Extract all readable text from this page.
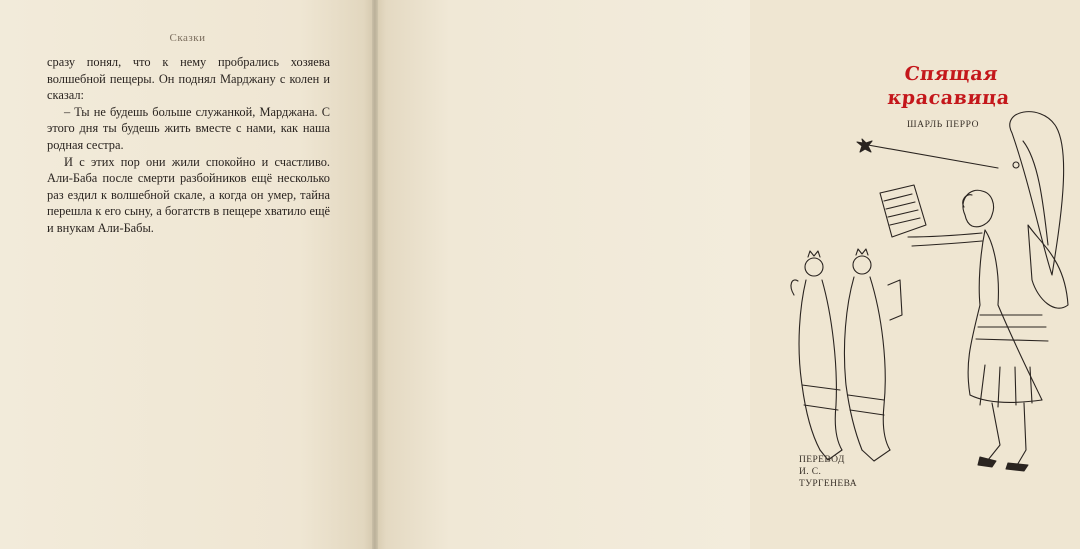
Сказки

сразу понял, что к нему пробрались хозяева волшебной пещеры. Он поднял Марджану с колен и сказал:

– Ты не будешь больше служанкой, Марджана. С этого дня ты будешь жить вместе с нами, как наша родная сестра.

И с этих пор они жили спокойно и счастливо. Али-Баба после смерти разбойников ещё несколько раз ездил к волшебной скале, а когда он умер, тайна перешла к его сыну, а богатств в пещере хватило ещё и внукам Али-Бабы.

Спящая
красавица
ШАРЛЬ ПЕРРО
ПЕРЕВОД
И. С. ТУРГЕНЕВА
